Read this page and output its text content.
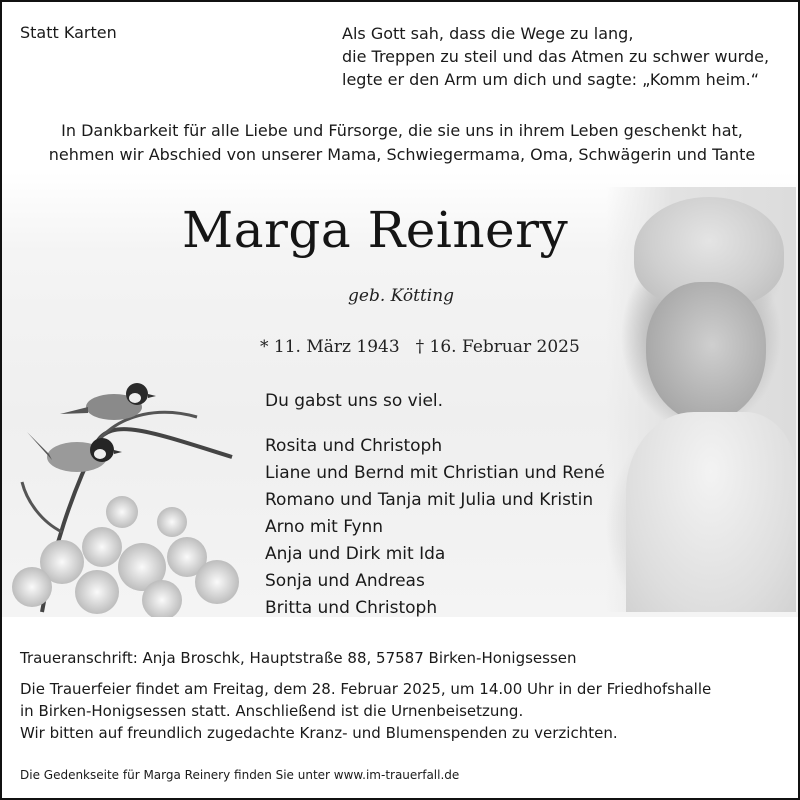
Statt Karten	Als Gott sah, dass die Wege zu lang,
die Treppen zu steil und das Atmen zu schwer wurde,
legte er den Arm um dich und sagte: „Komm heim.“
In Dankbarkeit für alle Liebe und Fürsorge, die sie uns in ihrem Leben geschenkt hat,
nehmen wir Abschied von unserer Mama, Schwiegermama, Oma, Schwägerin und Tante
Marga Reinery
geb. Kötting
* 11. März 1943 † 16. Februar 2025
Du gabst uns so viel.
Rosita und Christoph
Liane und Bernd mit Christian und René
Romano und Tanja mit Julia und Kristin
Arno mit Fynn
Anja und Dirk mit Ida
Sonja und Andreas
Britta und Christoph
Traueranschrift: Anja Broschk, Hauptstraße 88, 57587 Birken-Honigsessen
Die Trauerfeier findet am Freitag, dem 28. Februar 2025, um 14.00 Uhr in der Friedhofshalle
in Birken-Honigsessen statt. Anschließend ist die Urnenbeisetzung.
Wir bitten auf freundlich zugedachte Kranz- und Blumenspenden zu verzichten.
Die Gedenkseite für Marga Reinery finden Sie unter www.im-trauerfall.de
